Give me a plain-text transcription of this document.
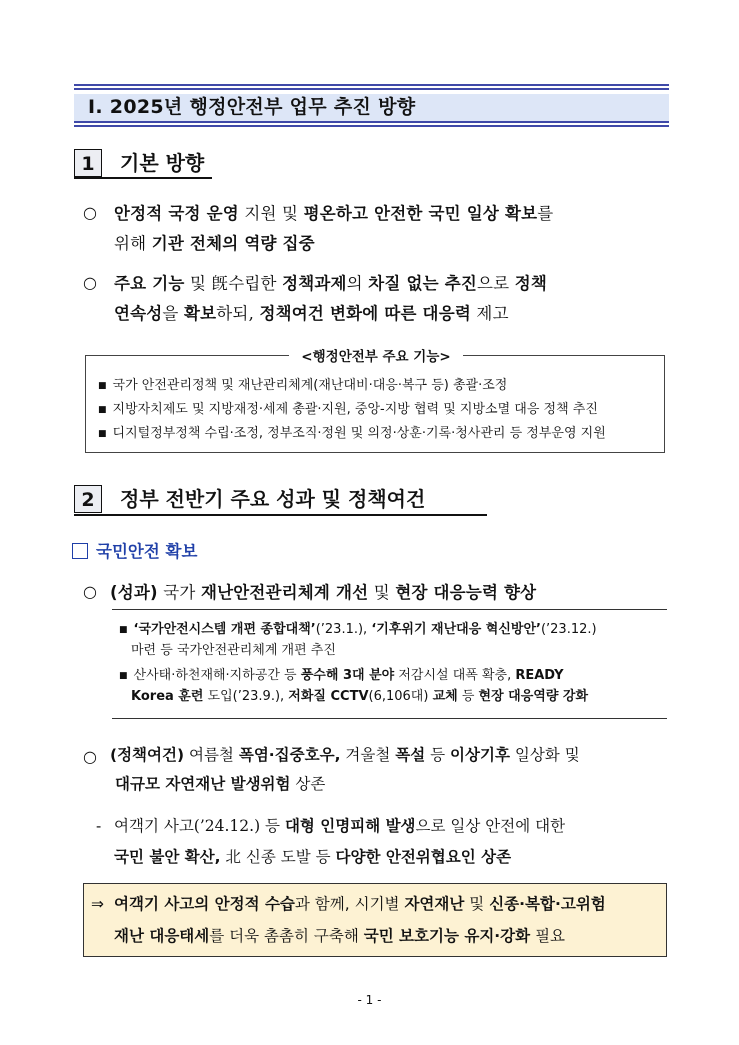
Ⅰ. 2025년 행정안전부 업무 추진 방향
1	기본 방향
○ 안정적 국정 운영 지원 및 평온하고 안전한 국민 일상 확보를
위해 기관 전체의 역량 집중
○ 주요 기능 및 旣수립한 정책과제의 차질 없는 추진으로 정책
연속성을 확보하되, 정책여건 변화에 따른 대응력 제고
<행정안전부 주요 기능>
■ 국가 안전관리정책 및 재난관리체계(재난대비·대응·복구 등) 총괄·조정
■ 지방자치제도 및 지방재정·세제 총괄·지원, 중앙-지방 협력 및 지방소멸 대응 정책 추진
■ 디지털정부정책 수립·조정, 정부조직·정원 및 의정·상훈·기록·청사관리 등 정부운영 지원
2	정부 전반기 주요 성과 및 정책여건
국민안전 확보
○ (성과) 국가 재난안전관리체계 개선 및 현장 대응능력 향상
■ ‘국가안전시스템 개편 종합대책’(’23.1.), ‘기후위기 재난대응 혁신방안’(’23.12.)
마련 등 국가안전관리체계 개편 추진
■ 산사태·하천재해·지하공간 등 풍수해 3대 분야 저감시설 대폭 확충, READY
Korea 훈련 도입(’23.9.), 저화질 CCTV(6,106대) 교체 등 현장 대응역량 강화
○ (정책여건) 여름철 폭염·집중호우, 겨울철 폭설 등 이상기후 일상화 및
대규모 자연재난 발생위험 상존
- 여객기 사고(’24.12.) 등 대형 인명피해 발생으로 일상 안전에 대한
국민 불안 확산, 北 신종 도발 등 다양한 안전위협요인 상존
⇒ 여객기 사고의 안정적 수습과 함께, 시기별 자연재난 및 신종·복합·고위험
재난 대응태세를 더욱 촘촘히 구축해 국민 보호기능 유지·강화 필요
- 1 -
